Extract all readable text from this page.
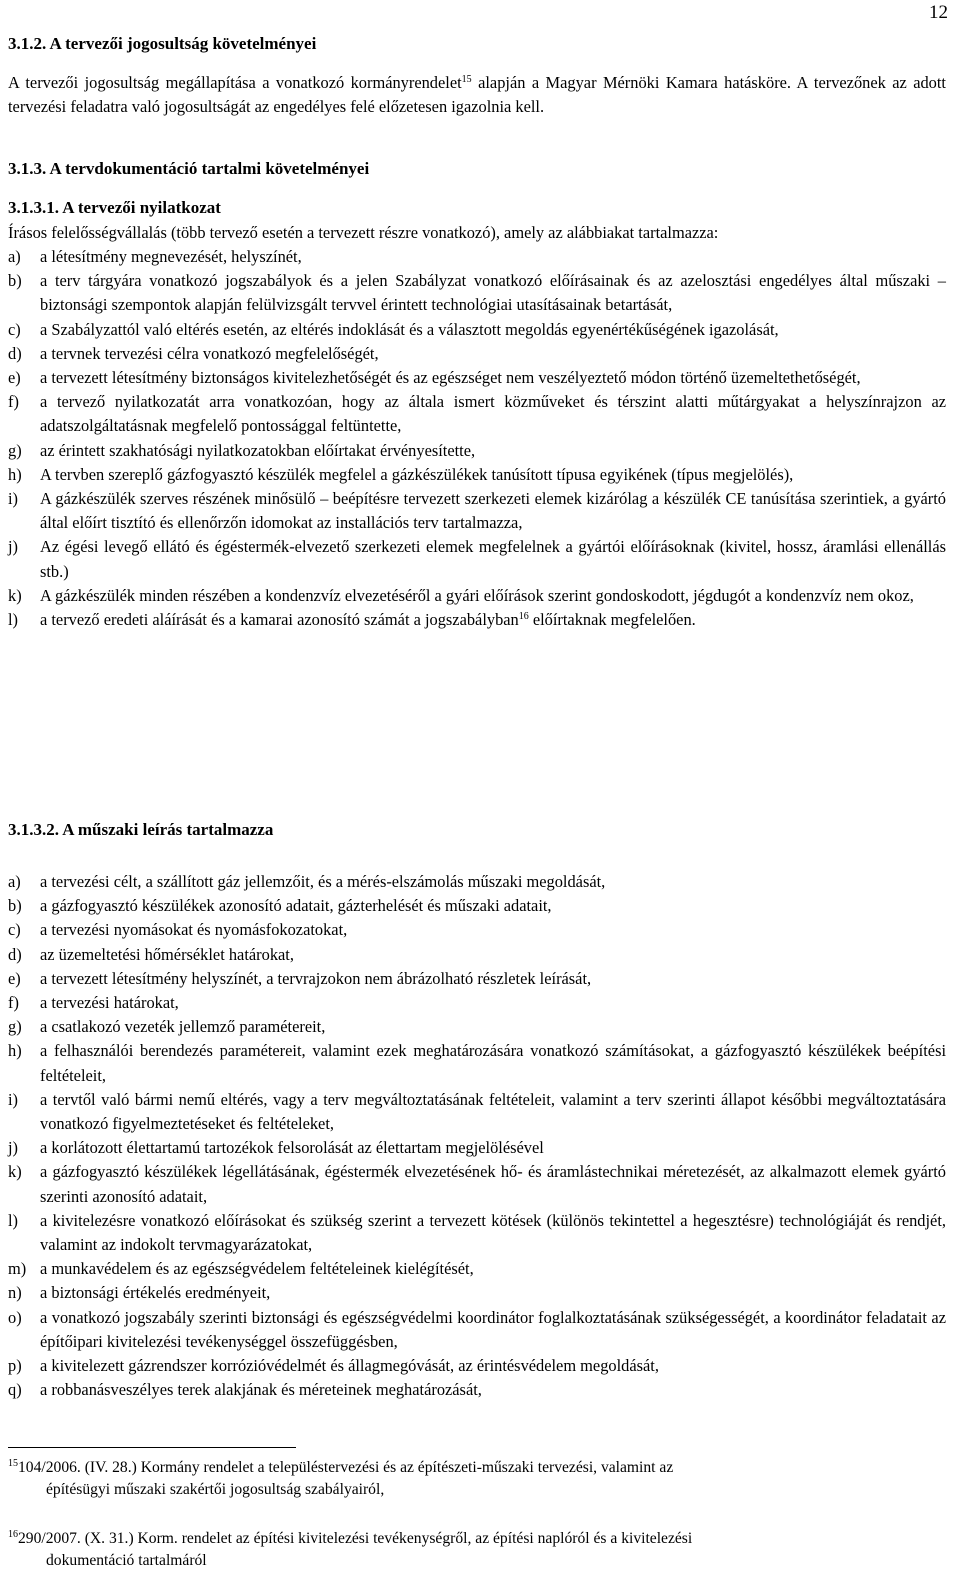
12
3.1.2. A tervezői jogosultság követelményei
A tervezői jogosultság megállapítása a vonatkozó kormányrendelet$^{15}$ alapján a Magyar Mérnöki Kamara hatásköre. A tervezőnek az adott tervezési feladatra való jogosultságát az engedélyes felé előzetesen igazolnia kell.
3.1.3. A tervdokumentáció tartalmi követelményei
3.1.3.1. A tervezői nyilatkozat
Írásos felelősségvállalás (több tervező esetén a tervezett részre vonatkozó), amely az alábbiakat tartalmazza:
a)	a létesítmény megnevezését, helyszínét,
b)	a terv tárgyára vonatkozó jogszabályok és a jelen Szabályzat vonatkozó előírásainak és az azelosztási engedélyes által műszaki – biztonsági szempontok alapján felülvizsgált tervvel érintett technológiai utasításainak betartását,
c)	a Szabályzattól való eltérés esetén, az eltérés indoklását és a választott megoldás egyenértékűségének igazolását,
d)	a tervnek tervezési célra vonatkozó megfelelőségét,
e)	a tervezett létesítmény biztonságos kivitelezhetőségét és az egészséget nem veszélyeztető módon történő üzemeltethetőségét,
f)	a tervező nyilatkozatát arra vonatkozóan, hogy az általa ismert közműveket és térszint alatti műtárgyakat a helyszínrajzon az adatszolgáltatásnak megfelelő pontossággal feltüntette,
g)	az érintett szakhatósági nyilatkozatokban előírtakat érvényesítette,
h)	A tervben szereplő gázfogyasztó készülék megfelel a gázkészülékek tanúsított típusa egyikének (típus megjelölés),
i)	A gázkészülék szerves részének minősülő – beépítésre tervezett szerkezeti elemek kizárólag a készülék CE tanúsítása szerintiek, a gyártó által előírt tisztító és ellenőrzőn idomokat az installációs terv tartalmazza,
j)	Az égési levegő ellátó és égéstermék-elvezető szerkezeti elemek megfelelnek a gyártói előírásoknak (kivitel, hossz, áramlási ellenállás stb.)
k)	A gázkészülék minden részében a kondenzvíz elvezetéséről a gyári előírások szerint gondoskodott, jégdugót a kondenzvíz nem okoz,
l)	a tervező eredeti aláírását és a kamarai azonosító számát a jogszabályban$^{16}$ előírtaknak megfelelően.
3.1.3.2. A műszaki leírás tartalmazza
a)	a tervezési célt, a szállított gáz jellemzőit, és a mérés-elszámolás műszaki megoldását,
b)	a gázfogyasztó készülékek azonosító adatait, gázterhelését és műszaki adatait,
c)	a tervezési nyomásokat és nyomásfokozatokat,
d)	az üzemeltetési hőmérséklet határokat,
e)	a tervezett létesítmény helyszínét, a tervrajzokon nem ábrázolható részletek leírását,
f)	a tervezési határokat,
g)	a csatlakozó vezeték jellemző paramétereit,
h)	a felhasználói berendezés paramétereit, valamint ezek meghatározására vonatkozó számításokat, a gázfogyasztó készülékek beépítési feltételeit,
i)	a tervtől való bármi nemű eltérés, vagy a terv megváltoztatásának feltételeit, valamint a terv szerinti állapot későbbi megváltoztatására vonatkozó figyelmeztetéseket és feltételeket,
j)	a korlátozott élettartamú tartozékok felsorolását az élettartam megjelölésével
k)	a gázfogyasztó készülékek légellátásának, égéstermék elvezetésének hő- és áramlástechnikai méretezését, az alkalmazott elemek gyártó szerinti azonosító adatait,
l)	a kivitelezésre vonatkozó előírásokat és szükség szerint a tervezett kötések (különös tekintettel a hegesztésre) technológiáját és rendjét, valamint az indokolt tervmagyarázatokat,
m) a munkavédelem és az egészségvédelem feltételeinek kielégítését,
n)	a biztonsági értékelés eredményeit,
o)	a vonatkozó jogszabály szerinti biztonsági és egészségvédelmi koordinátor foglalkoztatásának szükségességét, a koordinátor feladatait az építőipari kivitelezési tevékenységgel összefüggésben,
p)	a kivitelezett gázrendszer korrózióvédelmét és állagmegóvását, az érintésvédelem megoldását,
q)	a robbanásveszélyes terek alakjának és méreteinek meghatározását,
$^{15}$104/2006. (IV. 28.) Kormány rendelet a településtervezési és az építészeti-műszaki tervezési, valamint az
építésügyi műszaki szakértői jogosultság szabályairól,
$^{16}$290/2007. (X. 31.) Korm. rendelet az építési kivitelezési tevékenységről, az építési naplóról és a kivitelezési
dokumentáció tartalmáról
